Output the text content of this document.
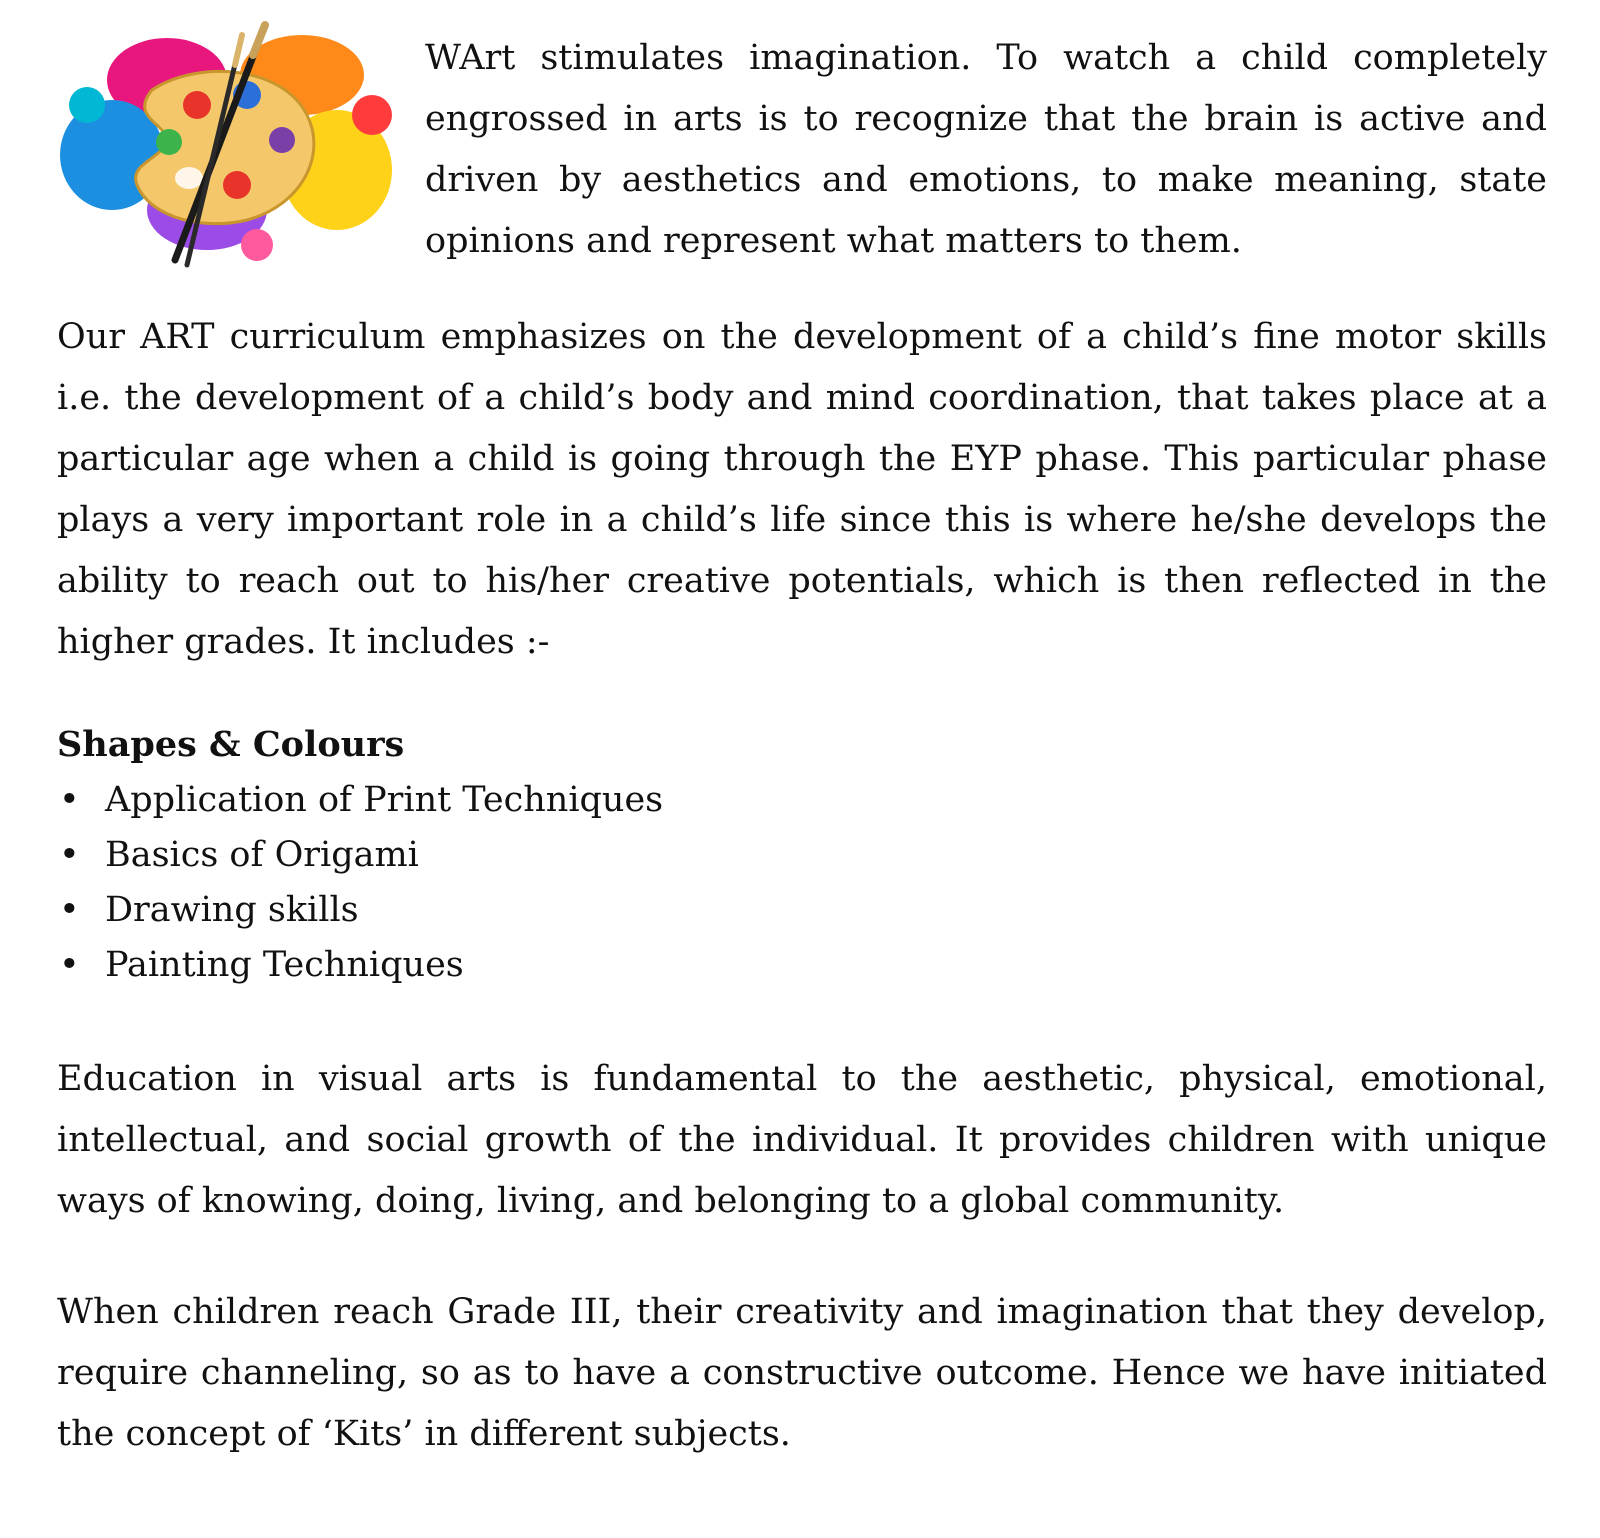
WArt stimulates imagination. To watch a child completely engrossed in arts is to recognize that the brain is active and driven by aesthetics and emotions, to make meaning, state opinions and represent what matters to them.

Our ART curriculum emphasizes on the development of a child’s fine motor skills i.e. the development of a child’s body and mind coordination, that takes place at a particular age when a child is going through the EYP phase. This particular phase plays a very important role in a child’s life since this is where he/she develops the ability to reach out to his/her creative potentials, which is then reflected in the higher grades. It includes :-

Shapes & Colours
• Application of Print Techniques
• Basics of Origami
• Drawing skills
• Painting Techniques

Education in visual arts is fundamental to the aesthetic, physical, emotional, intellectual, and social growth of the individual. It provides children with unique ways of knowing, doing, living, and belonging to a global community.

When children reach Grade III, their creativity and imagination that they develop, require channeling, so as to have a constructive outcome. Hence we have initiated the concept of ‘Kits’ in different subjects.
